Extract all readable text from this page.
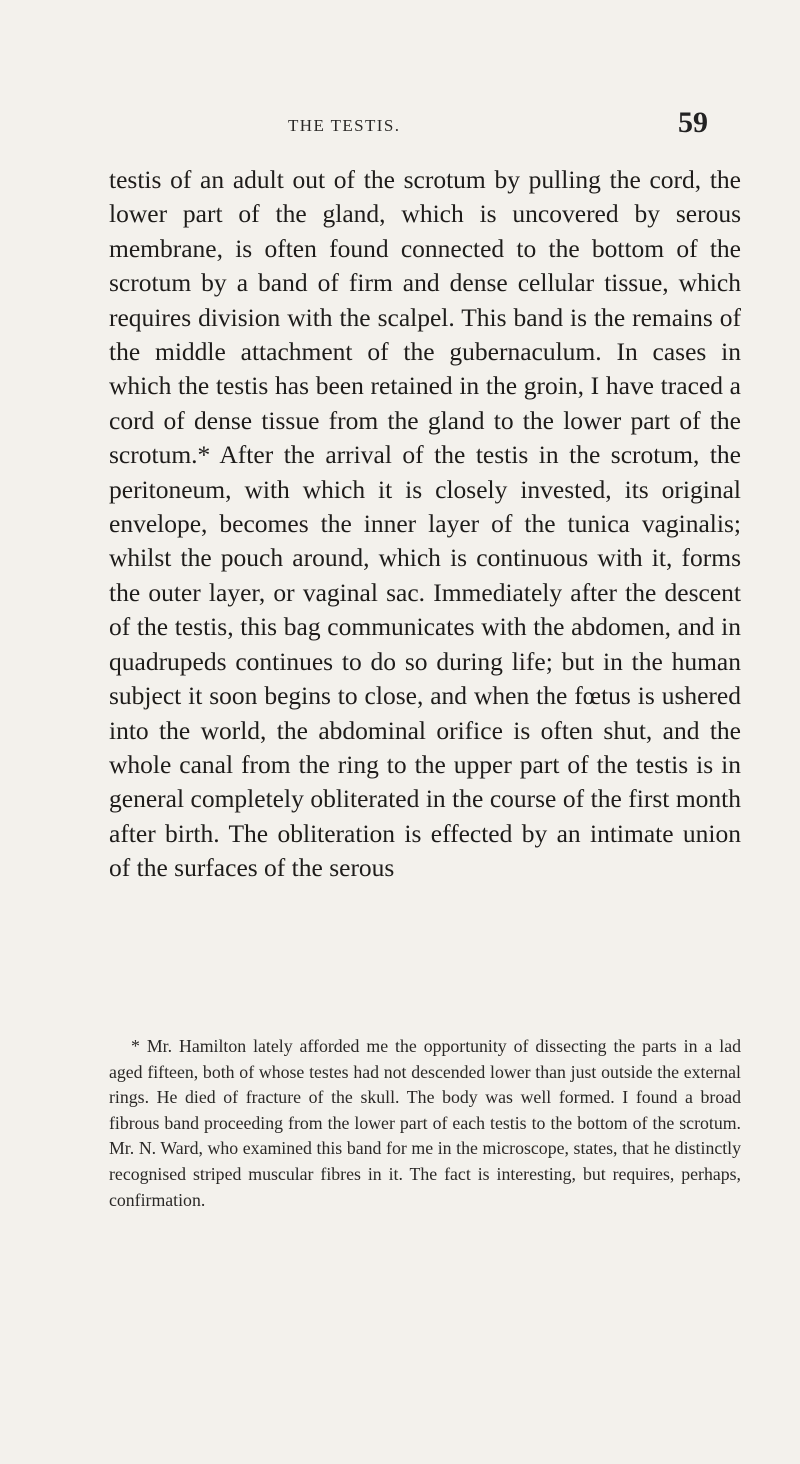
THE TESTIS.	59

testis of an adult out of the scrotum by pulling the cord, the lower part of the gland, which is uncovered by serous membrane, is often found connected to the bottom of the scrotum by a band of firm and dense cellular tissue, which requires division with the scalpel. This band is the remains of the middle attachment of the gubernaculum. In cases in which the testis has been retained in the groin, I have traced a cord of dense tissue from the gland to the lower part of the scrotum.* After the arrival of the testis in the scrotum, the peritoneum, with which it is closely invested, its original envelope, becomes the inner layer of the tunica vaginalis; whilst the pouch around, which is continuous with it, forms the outer layer, or vaginal sac. Immediately after the descent of the testis, this bag communicates with the abdomen, and in quadrupeds continues to do so during life; but in the human subject it soon begins to close, and when the fœtus is ushered into the world, the abdominal orifice is often shut, and the whole canal from the ring to the upper part of the testis is in general completely obliterated in the course of the first month after birth. The obliteration is effected by an intimate union of the surfaces of the serous

* Mr. Hamilton lately afforded me the opportunity of dissecting the parts in a lad aged fifteen, both of whose testes had not descended lower than just outside the external rings. He died of fracture of the skull. The body was well formed. I found a broad fibrous band proceeding from the lower part of each testis to the bottom of the scrotum. Mr. N. Ward, who examined this band for me in the microscope, states, that he distinctly recognised striped muscular fibres in it. The fact is interesting, but requires, perhaps, confirmation.
